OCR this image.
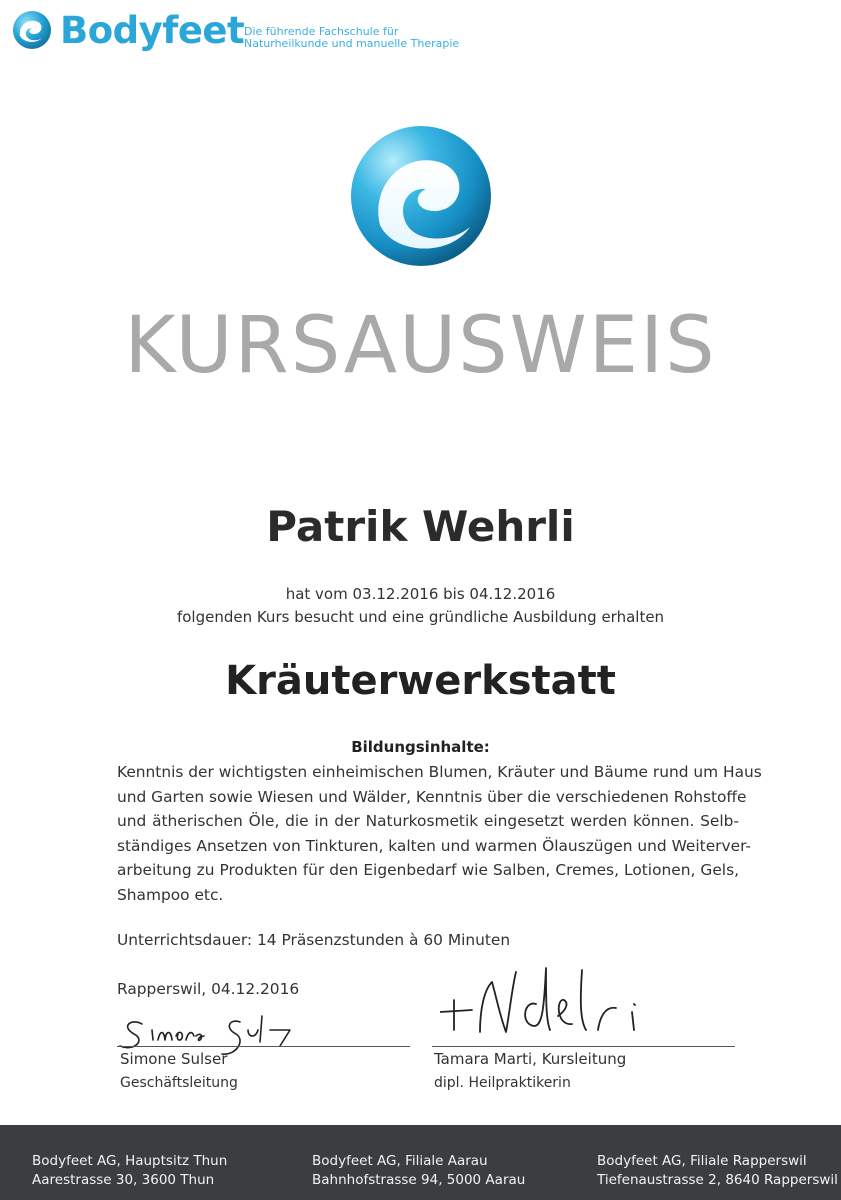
Bodyfeet Die führende Fachschule für
Naturheilkunde und manuelle Therapie
KURSAUSWEIS
Patrik Wehrli
hat vom 03.12.2016 bis 04.12.2016
folgenden Kurs besucht und eine gründliche Ausbildung erhalten
Kräuterwerkstatt
Bildungsinhalte:
Kenntnis der wichtigsten einheimischen Blumen, Kräuter und Bäume rund um Haus
und Garten sowie Wiesen und Wälder, Kenntnis über die verschiedenen Rohstoffe
und ätherischen Öle, die in der Naturkosmetik eingesetzt werden können. Selb-
ständiges Ansetzen von Tinkturen, kalten und warmen Ölauszügen und Weiterver-
arbeitung zu Produkten für den Eigenbedarf wie Salben, Cremes, Lotionen, Gels,
Shampoo etc.
Unterrichtsdauer: 14 Präsenzstunden à 60 Minuten
Rapperswil, 04.12.2016
Simone Sulser
Geschäftsleitung
Tamara Marti, Kursleitung
dipl. Heilpraktikerin
Bodyfeet AG, Hauptsitz Thun
Aarestrasse 30, 3600 Thun
Bodyfeet AG, Filiale Aarau
Bahnhofstrasse 94, 5000 Aarau
Bodyfeet AG, Filiale Rapperswil
Tiefenaustrasse 2, 8640 Rapperswil
